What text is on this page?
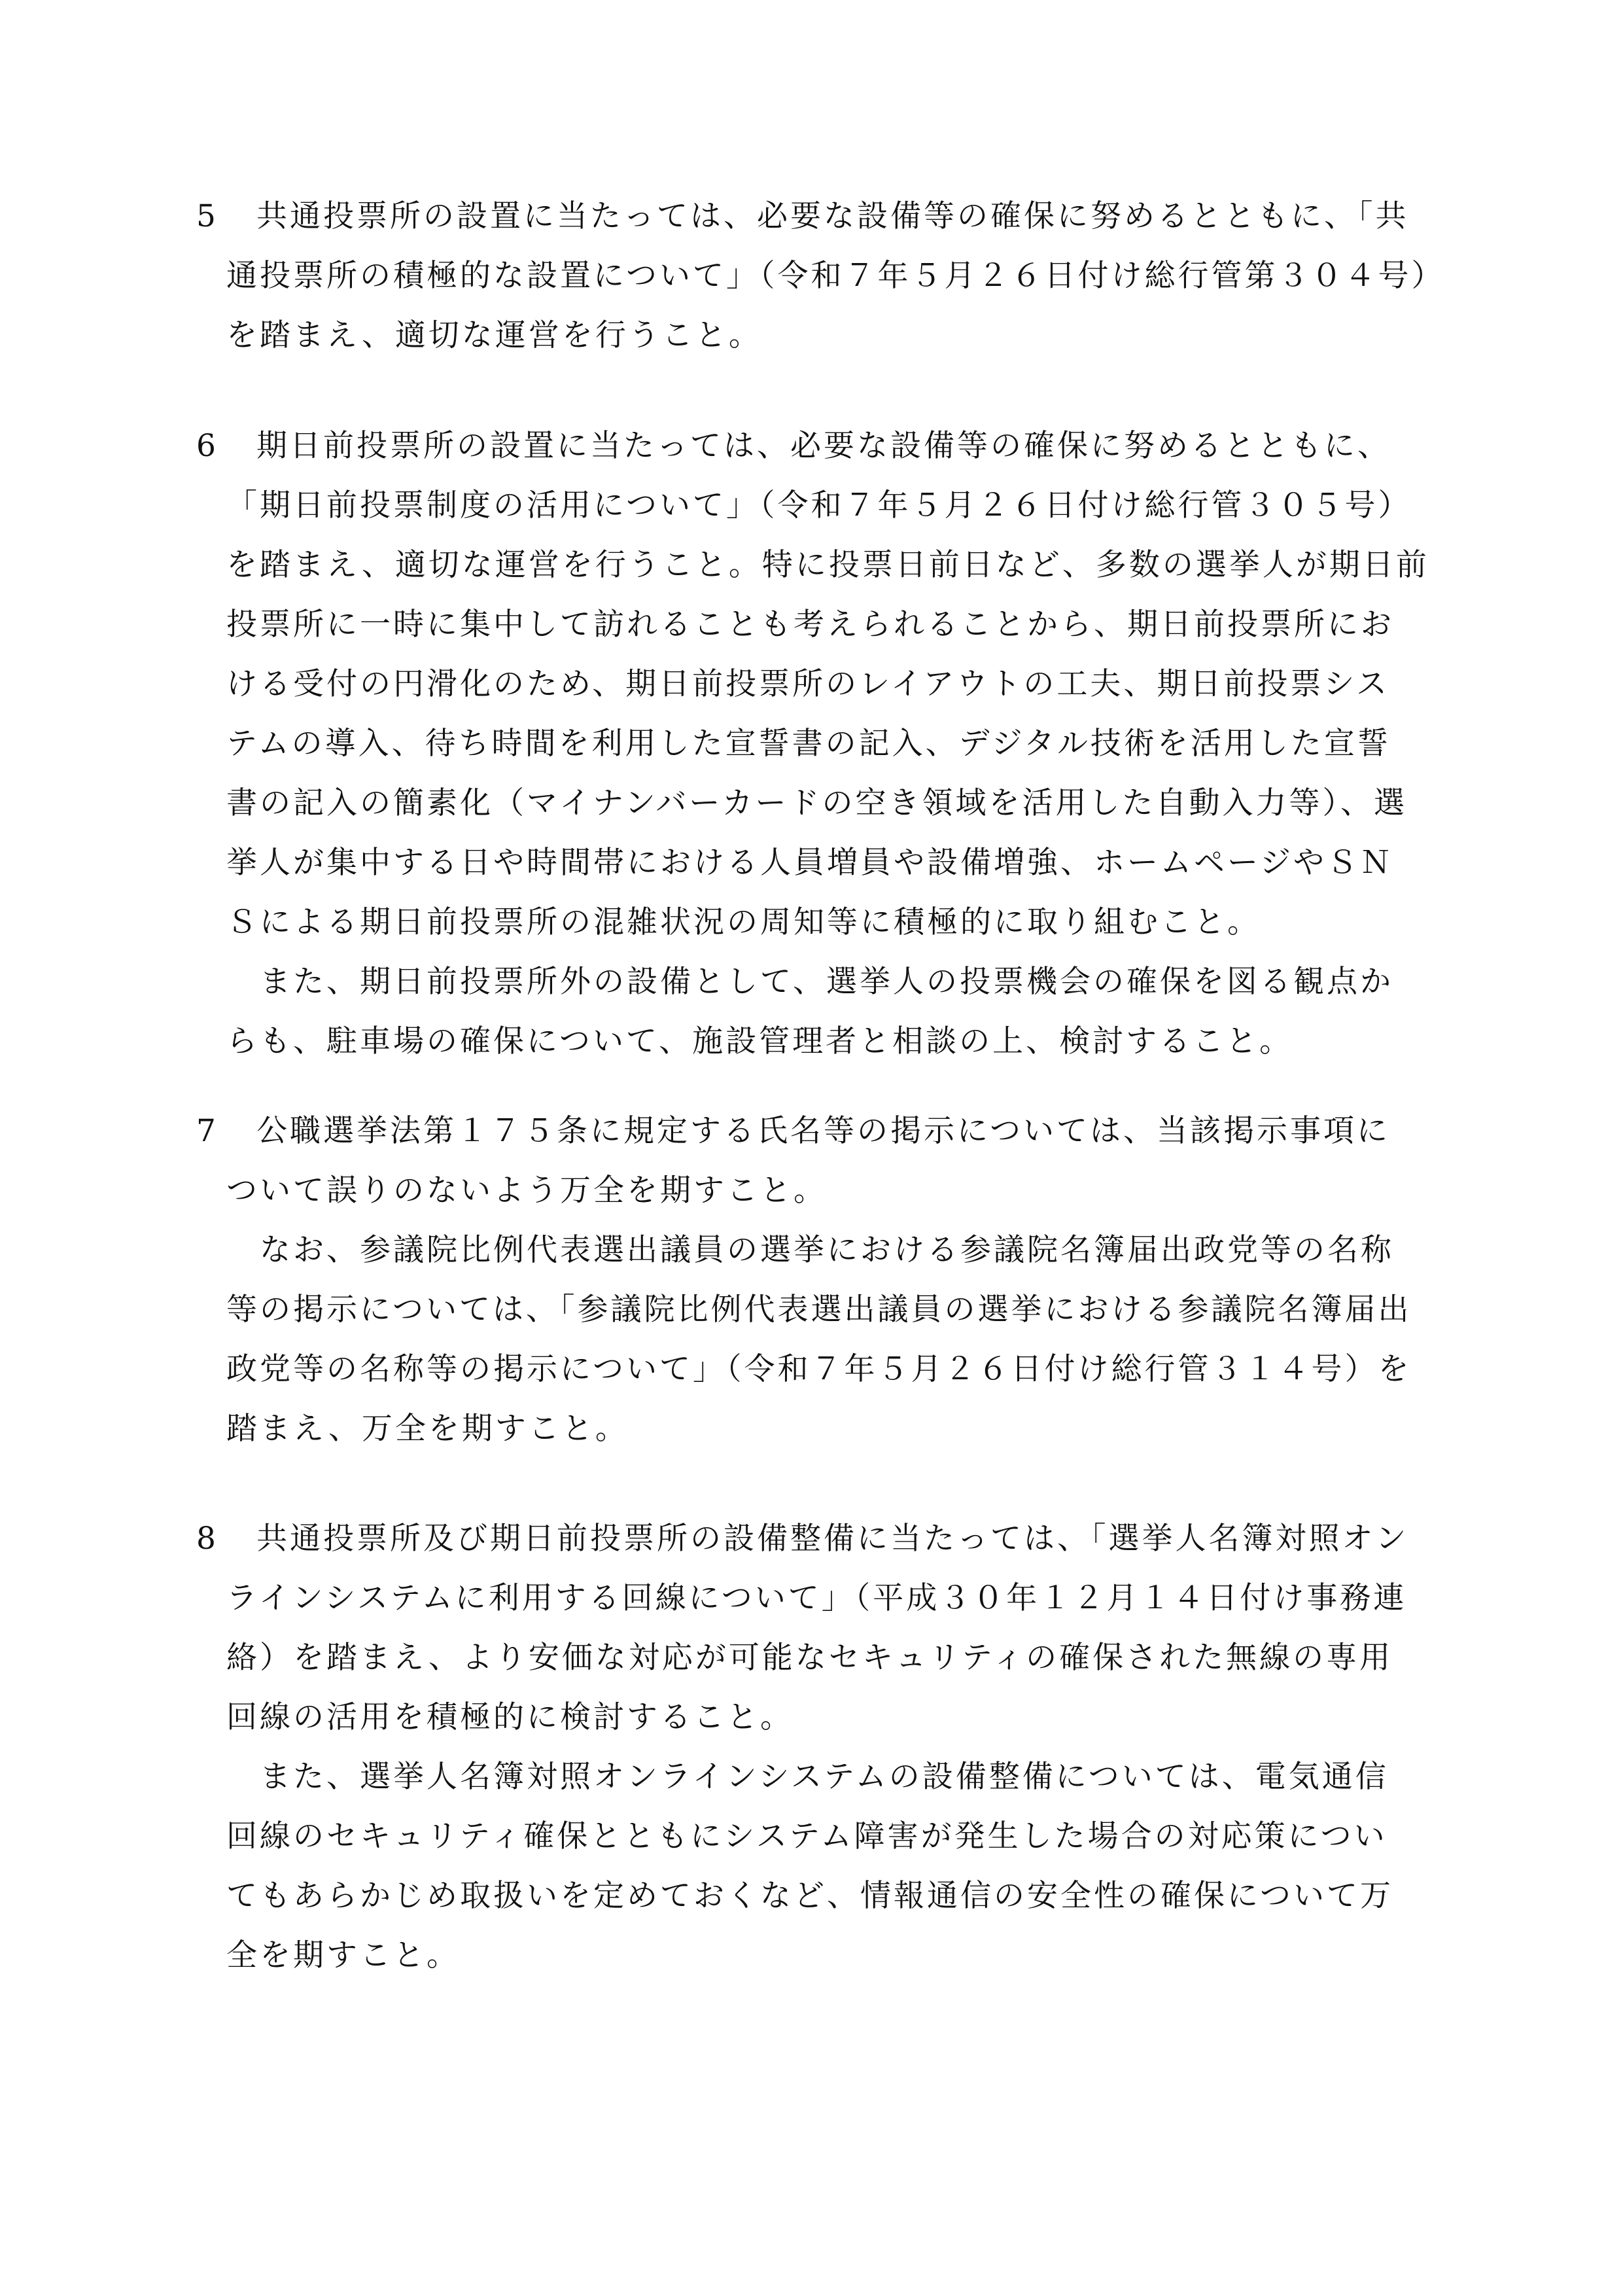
5 共通投票所の設置に当たっては、必要な設備等の確保に努めるとともに、「共
通投票所の積極的な設置について」（令和７年５月２６日付け総行管第３０４号）
を踏まえ、適切な運営を行うこと。
6 期日前投票所の設置に当たっては、必要な設備等の確保に努めるとともに、
「期日前投票制度の活用について」（令和７年５月２６日付け総行管３０５号）
を踏まえ、適切な運営を行うこと。特に投票日前日など、多数の選挙人が期日前
投票所に一時に集中して訪れることも考えられることから、期日前投票所にお
ける受付の円滑化のため、期日前投票所のレイアウトの工夫、期日前投票シス
テムの導入、待ち時間を利用した宣誓書の記入、デジタル技術を活用した宣誓
書の記入の簡素化（マイナンバーカードの空き領域を活用した自動入力等）、選
挙人が集中する日や時間帯における人員増員や設備増強、ホームページやＳＮ
Ｓによる期日前投票所の混雑状況の周知等に積極的に取り組むこと。
　また、期日前投票所外の設備として、選挙人の投票機会の確保を図る観点か
らも、駐車場の確保について、施設管理者と相談の上、検討すること。
7 公職選挙法第１７５条に規定する氏名等の掲示については、当該掲示事項に
ついて誤りのないよう万全を期すこと。
　なお、参議院比例代表選出議員の選挙における参議院名簿届出政党等の名称
等の掲示については、「参議院比例代表選出議員の選挙における参議院名簿届出
政党等の名称等の掲示について」（令和７年５月２６日付け総行管３１４号）を
踏まえ、万全を期すこと。
8 共通投票所及び期日前投票所の設備整備に当たっては、「選挙人名簿対照オン
ラインシステムに利用する回線について」（平成３０年１２月１４日付け事務連
絡）を踏まえ、より安価な対応が可能なセキュリティの確保された無線の専用
回線の活用を積極的に検討すること。
　また、選挙人名簿対照オンラインシステムの設備整備については、電気通信
回線のセキュリティ確保とともにシステム障害が発生した場合の対応策につい
てもあらかじめ取扱いを定めておくなど、情報通信の安全性の確保について万
全を期すこと。
